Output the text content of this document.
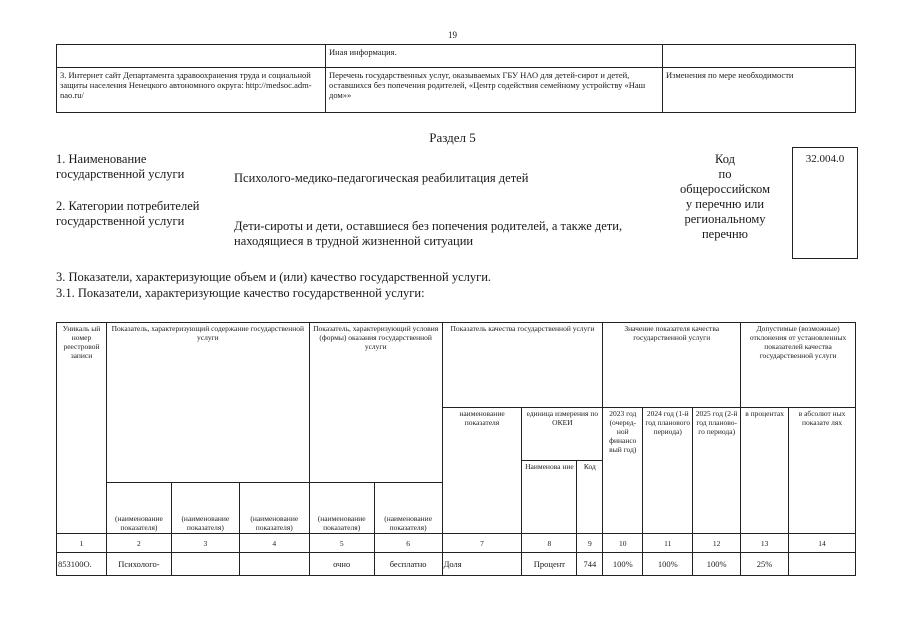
19
	Иная информация.	
3. Интернет сайт Департамента здравоохранения труда и социальной защиты населения Ненецкого автономного округа: http://medsoc.adm-nao.ru/	Перечень государственных услуг, оказываемых ГБУ НАО для детей-сирот и детей, оставшихся без попечения родителей, «Центр содействия семейному устройству «Наш дом»»	Изменения по мере необходимости
Раздел 5
1. Наименование
государственной услуги	Психолого-медико-педагогическая реабилитация детей
2. Категории потребителей
государственной услуги	Дети-сироты и дети, оставшиеся без попечения родителей, а также дети,
находящиеся в трудной жизненной ситуации
Код
по
общероссийском
у перечню или
региональному
перечню
32.004.0
3. Показатели, характеризующие объем и (или) качество государственной услуги.
3.1. Показатели, характеризующие качество государственной услуги:
Уникаль ый номер реестровой записи	Показатель, характеризующий содержание государственной услуги			Показатель, характеризующий условия (формы) оказания государственной услуги		Показатель качества государственной услуги			Значение показателя качества государственной услуги			Допустимые (возможные) отклонения от установленных показателей качества государственной услуги	
						наименование показателя	единица измерения по ОКЕИ		2023 год (очеред- ной финансо вый год)	2024 год (1-й год планового периода)	2025 год (2-й год планово- го периода)	в процентах	в абсолют ных показате лях
							Наименова ние	Код					
	(наименование показателя)	(наименование показателя)	(наименование показателя)	(наименование показателя)	(наименование показателя)								
1	2	3	4	5	6	7	8	9	10	11	12	13	14
853100О.	Психолого-			очно	бесплатно	Доля	Процент	744	100%	100%	100%	25%	
